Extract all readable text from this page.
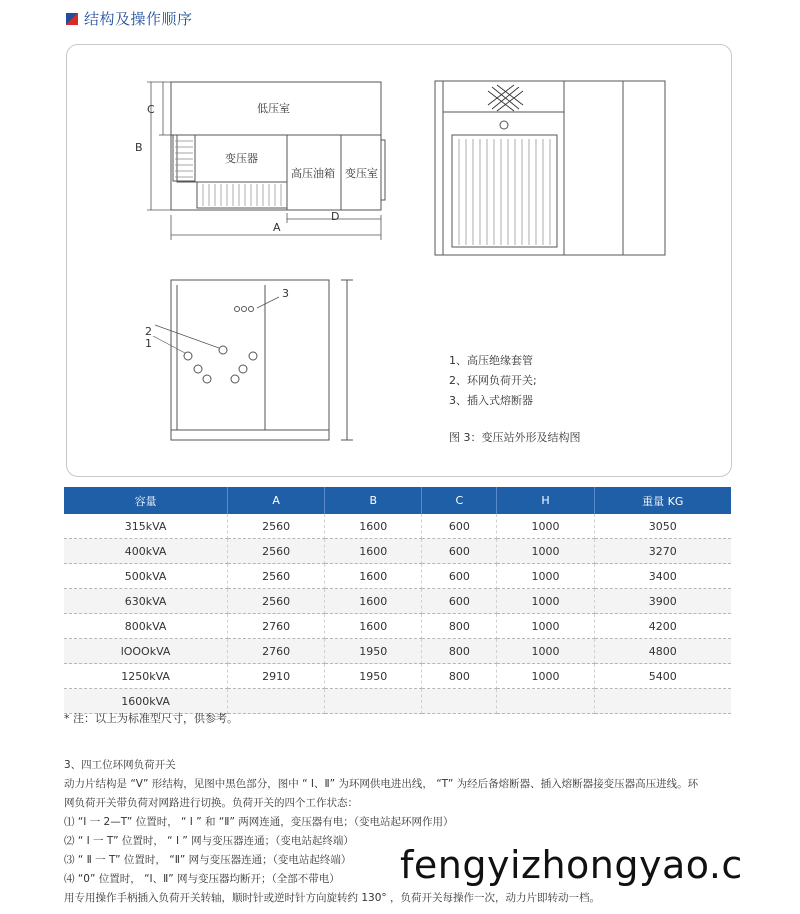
结构及操作顺序
低压室
变压器
高压油箱 变压室
A
B
C
D
1
2
3
1、高压绝缘套管
2、环网负荷开关;
3、插入式熔断器
图 3：变压站外形及结构图
容量	A	B	C	H	重量 KG
315kVA	2560	1600	600	1000	3050
400kVA	2560	1600	600	1000	3270
500kVA	2560	1600	600	1000	3400
630kVA	2560	1600	600	1000	3900
800kVA	2760	1600	800	1000	4200
lOOOkVA	2760	1950	800	1000	4800
1250kVA	2910	1950	800	1000	5400
1600kVA					
* 注：以上为标准型尺寸，供参考。

3、四工位环网负荷开关

动力片结构是 “V” 形结构，见图中黑色部分，图中 “ Ⅰ、Ⅱ” 为环网供电进出线， “T” 为经后备熔断器、插入熔断器接变压器高压进线。环

网负荷开关带负荷对网路进行切换。负荷开关的四个工作状态：

⑴ “Ⅰ 一 2—T” 位置时， “ Ⅰ ” 和 “Ⅱ” 两网连通，变压器有电；（变电站起环网作用）

⑵ “ Ⅰ 一 T” 位置时， “ Ⅰ ” 网与变压器连通；（变电站起终端）

⑶ “ Ⅱ 一 T” 位置时， “Ⅱ” 网与变压器连通；（变电站起终端）

⑷ “0” 位置时， “Ⅰ、Ⅱ” 网与变压器均断开；（全部不带电）

用专用操作手柄插入负荷开关转轴，顺时针或逆时针方向旋转约 130° ，负荷开关每操作一次，动力片即转动一档。

fengyizhongyao.c
